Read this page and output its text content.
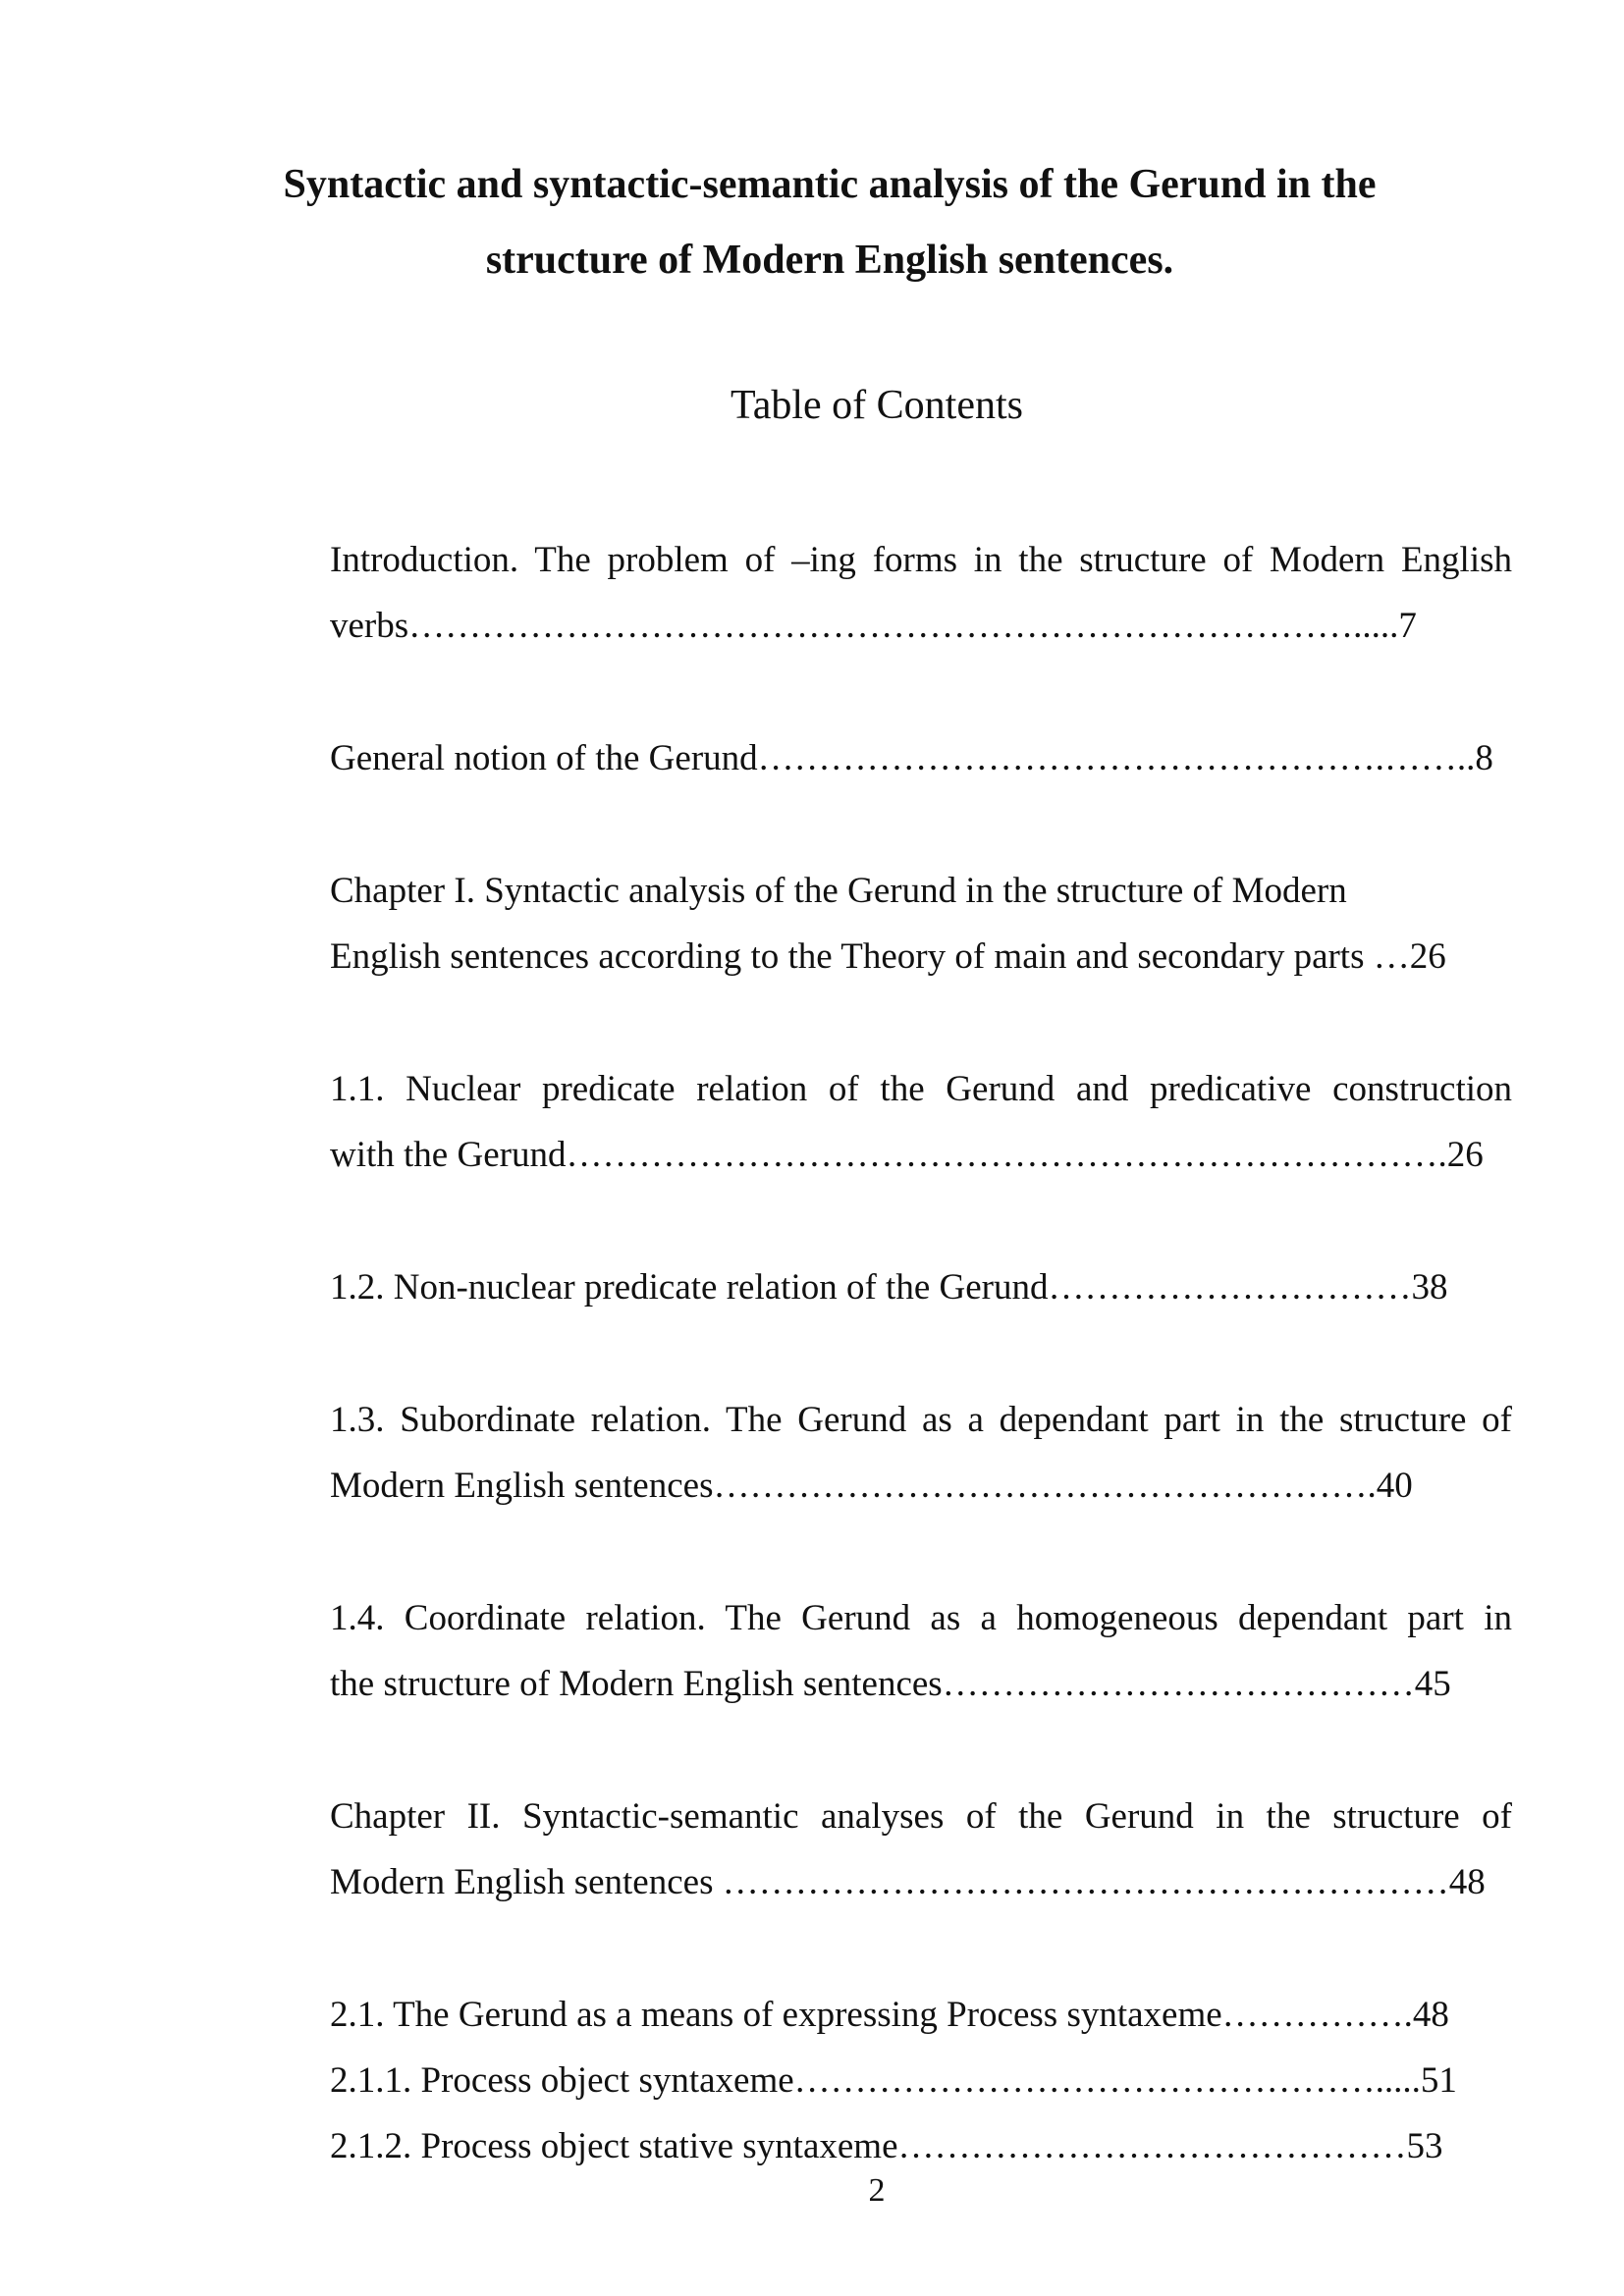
Syntactic and syntactic-semantic analysis of the Gerund in the
structure of Modern English sentences.
Table of Contents
Introduction. The problem of –ing forms in the structure of Modern English
verbs…………………………………………………………………….....7
General notion of the Gerund…………………………………………….……..8
Chapter I. Syntactic analysis of the Gerund in the structure of Modern
English sentences according to the Theory of main and secondary parts …26
1.1. Nuclear predicate relation of the Gerund and predicative construction
with the Gerund……………………………………………………………….26
1.2. Non-nuclear predicate relation of the Gerund…………………………38
1.3. Subordinate relation. The Gerund as a dependant part in the structure of
Modern English sentences……………………………………………….40
1.4. Coordinate relation. The Gerund as a homogeneous dependant part in
the structure of Modern English sentences…………………………………45
Chapter II. Syntactic-semantic analyses of the Gerund in the structure of
Modern English sentences ……………………………………………………48
2.1. The Gerund as a means of expressing Process syntaxeme…………….48
2.1.1. Process object syntaxeme………………………………………….....51
2.1.2. Process object stative syntaxeme……………………………………53
2
